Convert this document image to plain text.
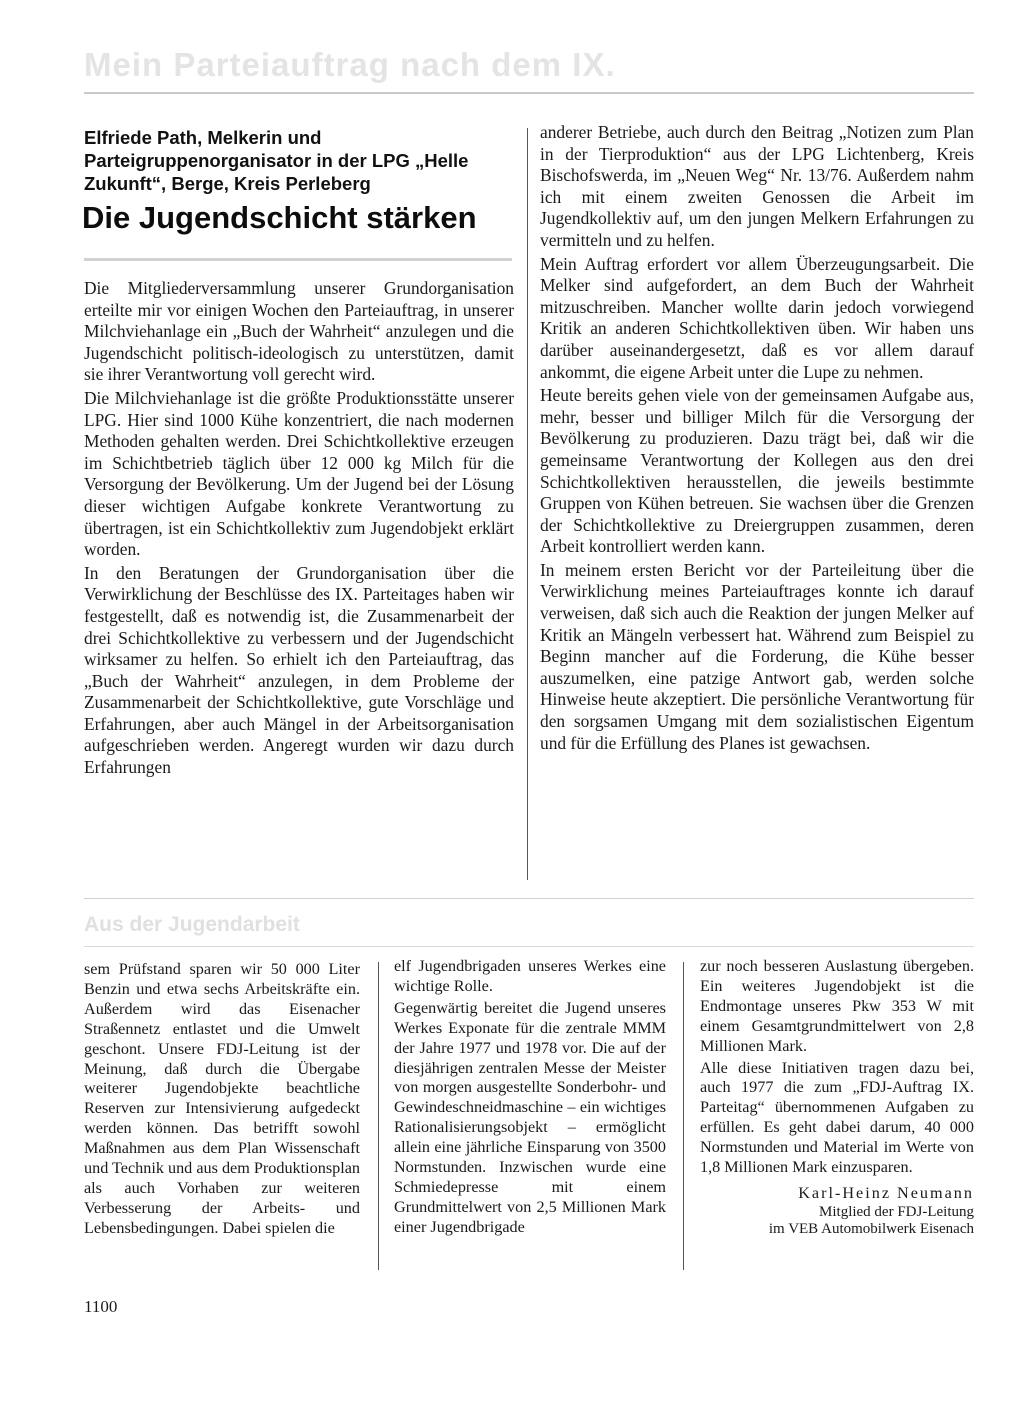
Mein Parteiauftrag nach dem IX.
Elfriede Path, Melkerin und Parteigruppenorganisator in der LPG „Helle Zukunft“, Berge, Kreis Perleberg
Die Jugendschicht stärken

Die Mitgliederversammlung unserer Grundorganisation erteilte mir vor einigen Wochen den Parteiauftrag, in unserer Milchviehanlage ein „Buch der Wahrheit“ anzulegen und die Jugendschicht politisch-ideologisch zu unterstützen, damit sie ihrer Verantwortung voll gerecht wird.

Die Milchviehanlage ist die größte Produktionsstätte unserer LPG. Hier sind 1000 Kühe konzentriert, die nach modernen Methoden gehalten werden. Drei Schichtkollektive erzeugen im Schichtbetrieb täglich über 12 000 kg Milch für die Versorgung der Bevölkerung. Um der Jugend bei der Lösung dieser wichtigen Aufgabe konkrete Verantwortung zu übertragen, ist ein Schichtkollektiv zum Jugendobjekt erklärt worden.

In den Beratungen der Grundorganisation über die Verwirklichung der Beschlüsse des IX. Parteitages haben wir festgestellt, daß es notwendig ist, die Zusammenarbeit der drei Schichtkollektive zu verbessern und der Jugendschicht wirksamer zu helfen. So erhielt ich den Parteiauftrag, das „Buch der Wahrheit“ anzulegen, in dem Probleme der Zusammenarbeit der Schichtkollektive, gute Vorschläge und Erfahrungen, aber auch Mängel in der Arbeitsorganisation aufgeschrieben werden. Angeregt wurden wir dazu durch Erfahrungen

anderer Betriebe, auch durch den Beitrag „Notizen zum Plan in der Tierproduktion“ aus der LPG Lichtenberg, Kreis Bischofswerda, im „Neuen Weg“ Nr. 13/76. Außerdem nahm ich mit einem zweiten Genossen die Arbeit im Jugendkollektiv auf, um den jungen Melkern Erfahrungen zu vermitteln und zu helfen.

Mein Auftrag erfordert vor allem Überzeugungsarbeit. Die Melker sind aufgefordert, an dem Buch der Wahrheit mitzuschreiben. Mancher wollte darin jedoch vorwiegend Kritik an anderen Schichtkollektiven üben. Wir haben uns darüber auseinandergesetzt, daß es vor allem darauf ankommt, die eigene Arbeit unter die Lupe zu nehmen.

Heute bereits gehen viele von der gemeinsamen Aufgabe aus, mehr, besser und billiger Milch für die Versorgung der Bevölkerung zu produzieren. Dazu trägt bei, daß wir die gemeinsame Verantwortung der Kollegen aus den drei Schichtkollektiven herausstellen, die jeweils bestimmte Gruppen von Kühen betreuen. Sie wachsen über die Grenzen der Schichtkollektive zu Dreiergruppen zusammen, deren Arbeit kontrolliert werden kann.

In meinem ersten Bericht vor der Parteileitung über die Verwirklichung meines Parteiauftrages konnte ich darauf verweisen, daß sich auch die Reaktion der jungen Melker auf Kritik an Mängeln verbessert hat. Während zum Beispiel zu Beginn mancher auf die Forderung, die Kühe besser auszumelken, eine patzige Antwort gab, werden solche Hinweise heute akzeptiert. Die persönliche Verantwortung für den sorgsamen Umgang mit dem sozialistischen Eigentum und für die Erfüllung des Planes ist gewachsen.

Aus der Jugendarbeit

sem Prüfstand sparen wir 50 000 Liter Benzin und etwa sechs Arbeitskräfte ein. Außerdem wird das Eisenacher Straßennetz entlastet und die Umwelt geschont. Unsere FDJ-Leitung ist der Meinung, daß durch die Übergabe weiterer Jugendobjekte beachtliche Reserven zur Intensivierung aufgedeckt werden können. Das betrifft sowohl Maßnahmen aus dem Plan Wissenschaft und Technik und aus dem Produktionsplan als auch Vorhaben zur weiteren Verbesserung der Arbeits- und Lebensbedingungen. Dabei spielen die

elf Jugendbrigaden unseres Werkes eine wichtige Rolle.

Gegenwärtig bereitet die Jugend unseres Werkes Exponate für die zentrale MMM der Jahre 1977 und 1978 vor. Die auf der diesjährigen zentralen Messe der Meister von morgen ausgestellte Sonderbohr- und Gewindeschneidmaschine – ein wichtiges Rationalisierungsobjekt – ermöglicht allein eine jährliche Einsparung von 3500 Normstunden. Inzwischen wurde eine Schmiedepresse mit einem Grundmittelwert von 2,5 Millionen Mark einer Jugendbrigade

zur noch besseren Auslastung übergeben. Ein weiteres Jugendobjekt ist die Endmontage unseres Pkw 353 W mit einem Gesamtgrundmittelwert von 2,8 Millionen Mark.

Alle diese Initiativen tragen dazu bei, auch 1977 die zum „FDJ-Auftrag IX. Parteitag“ übernommenen Aufgaben zu erfüllen. Es geht dabei darum, 40 000 Normstunden und Material im Werte von 1,8 Millionen Mark einzusparen.

Karl-Heinz Neumann
Mitglied der FDJ-Leitung
im VEB Automobilwerk Eisenach
1100
